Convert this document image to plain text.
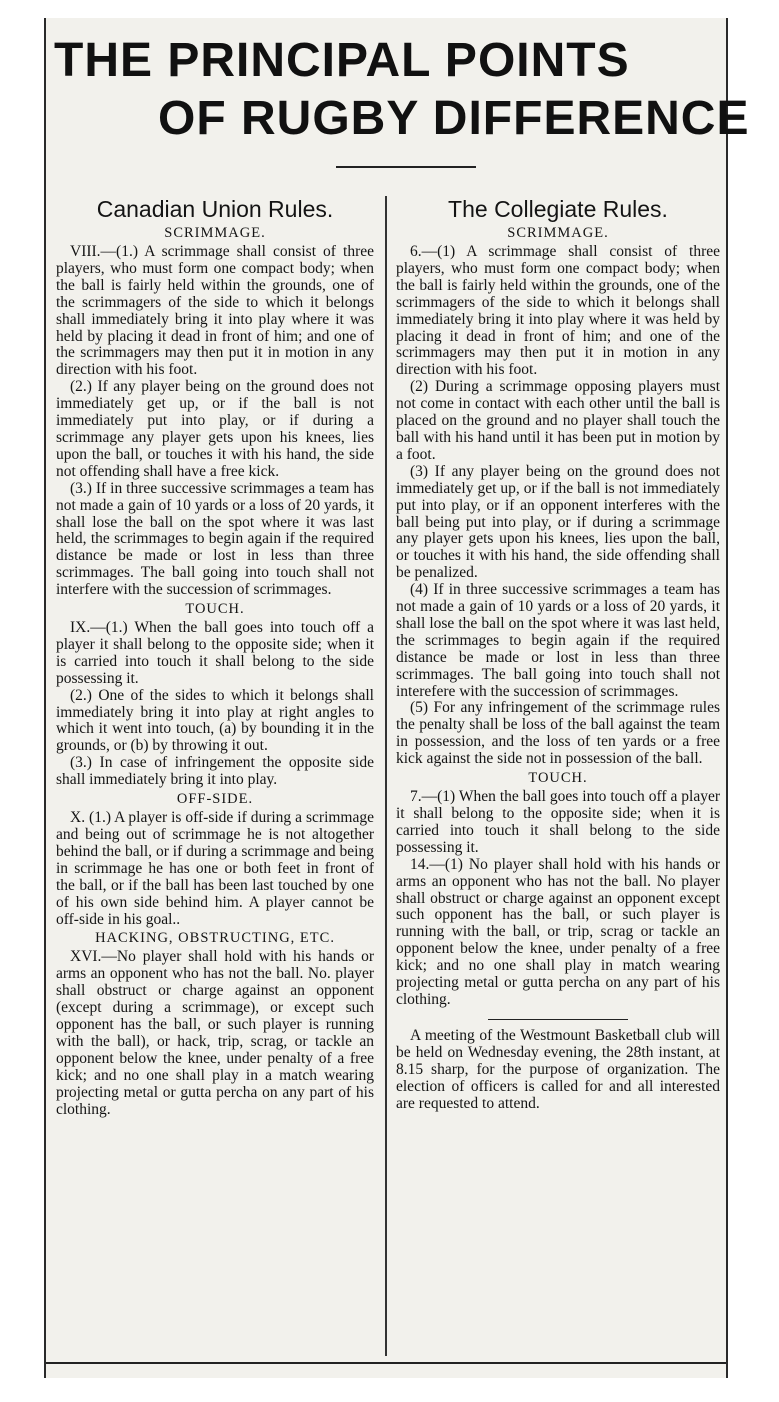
THE PRINCIPAL POINTS
OF RUGBY DIFFERENCE
Canadian Union Rules.
SCRIMMAGE.

VIII.—(1.) A scrimmage shall consist of three players, who must form one compact body; when the ball is fairly held within the grounds, one of the scrimmagers of the side to which it belongs shall immediately bring it into play where it was held by placing it dead in front of him; and one of the scrimmagers may then put it in motion in any direction with his foot.

(2.) If any player being on the ground does not immediately get up, or if the ball is not immediately put into play, or if during a scrimmage any player gets upon his knees, lies upon the ball, or touches it with his hand, the side not offending shall have a free kick.

(3.) If in three successive scrimmages a team has not made a gain of 10 yards or a loss of 20 yards, it shall lose the ball on the spot where it was last held, the scrimmages to begin again if the required distance be made or lost in less than three scrimmages. The ball going into touch shall not interfere with the succession of scrimmages.

TOUCH.

IX.—(1.) When the ball goes into touch off a player it shall belong to the opposite side; when it is carried into touch it shall belong to the side possessing it.

(2.) One of the sides to which it belongs shall immediately bring it into play at right angles to which it went into touch, (a) by bounding it in the grounds, or (b) by throwing it out.

(3.) In case of infringement the opposite side shall immediately bring it into play.

OFF-SIDE.

X. (1.) A player is off-side if during a scrimmage and being out of scrimmage he is not altogether behind the ball, or if during a scrimmage and being in scrimmage he has one or both feet in front of the ball, or if the ball has been last touched by one of his own side behind him. A player cannot be off-side in his goal..

HACKING, OBSTRUCTING, ETC.

XVI.—No player shall hold with his hands or arms an opponent who has not the ball. No. player shall obstruct or charge against an opponent (except during a scrimmage), or except such opponent has the ball, or such player is running with the ball), or hack, trip, scrag, or tackle an opponent below the knee, under penalty of a free kick; and no one shall play in a match wearing projecting metal or gutta percha on any part of his clothing.

The Collegiate Rules.
SCRIMMAGE.

6.—(1) A scrimmage shall consist of three players, who must form one compact body; when the ball is fairly held within the grounds, one of the scrimmagers of the side to which it belongs shall immediately bring it into play where it was held by placing it dead in front of him; and one of the scrimmagers may then put it in motion in any direction with his foot.

(2) During a scrimmage opposing players must not come in contact with each other until the ball is placed on the ground and no player shall touch the ball with his hand until it has been put in motion by a foot.

(3) If any player being on the ground does not immediately get up, or if the ball is not immediately put into play, or if an opponent interferes with the ball being put into play, or if during a scrimmage any player gets upon his knees, lies upon the ball, or touches it with his hand, the side offending shall be penalized.

(4) If in three successive scrimmages a team has not made a gain of 10 yards or a loss of 20 yards, it shall lose the ball on the spot where it was last held, the scrimmages to begin again if the required distance be made or lost in less than three scrimmages. The ball going into touch shall not interefere with the succession of scrimmages.

(5) For any infringement of the scrimmage rules the penalty shall be loss of the ball against the team in possession, and the loss of ten yards or a free kick against the side not in possession of the ball.

TOUCH.

7.—(1) When the ball goes into touch off a player it shall belong to the opposite side; when it is carried into touch it shall belong to the side possessing it.

14.—(1) No player shall hold with his hands or arms an opponent who has not the ball. No player shall obstruct or charge against an opponent except such opponent has the ball, or such player is running with the ball, or trip, scrag or tackle an opponent below the knee, under penalty of a free kick; and no one shall play in match wearing projecting metal or gutta percha on any part of his clothing.

A meeting of the Westmount Basketball club will be held on Wednesday evening, the 28th instant, at 8.15 sharp, for the purpose of organization. The election of officers is called for and all interested are requested to attend.
